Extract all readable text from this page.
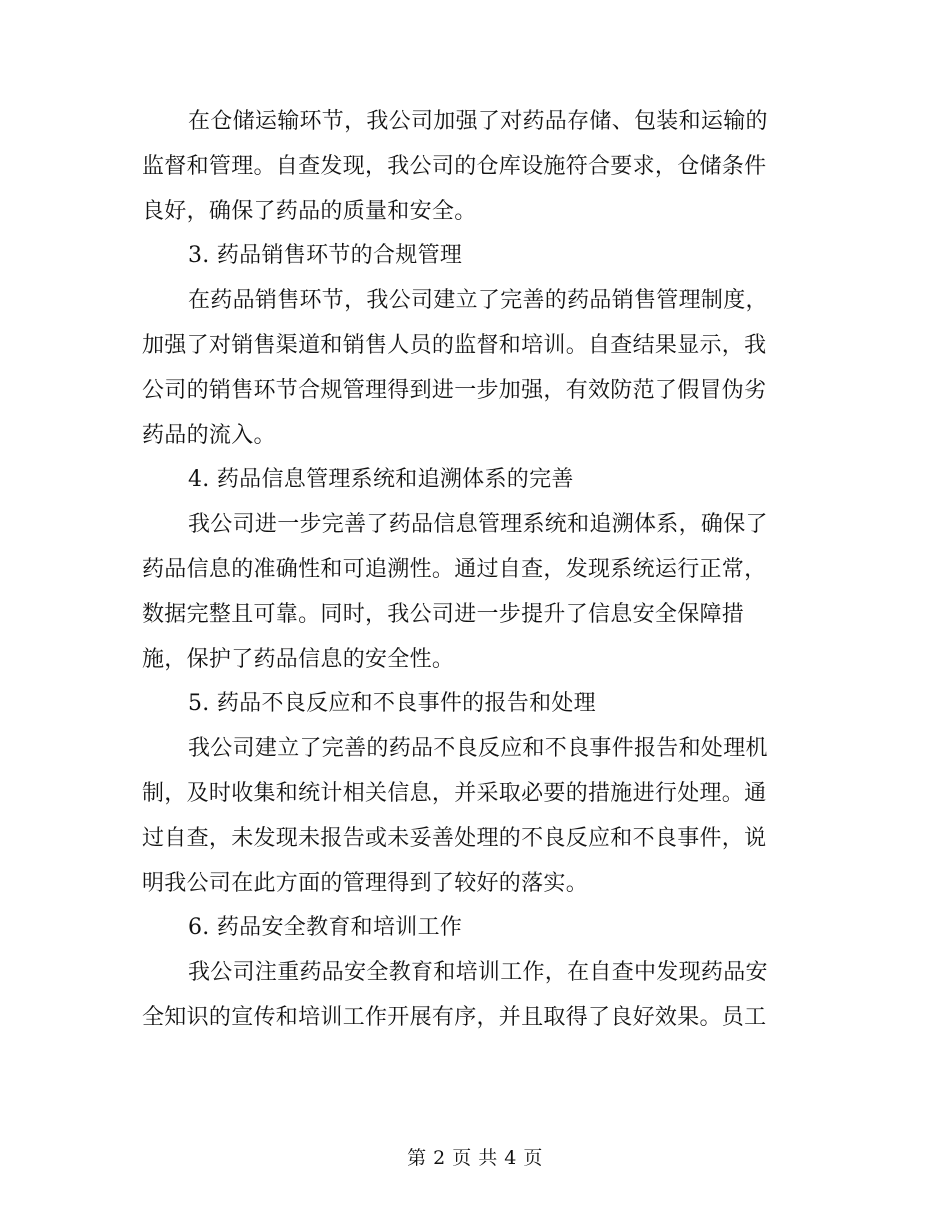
在仓储运输环节，我公司加强了对药品存储、包装和运输的
监督和管理。自查发现，我公司的仓库设施符合要求，仓储条件
良好，确保了药品的质量和安全。
3. 药品销售环节的合规管理
在药品销售环节，我公司建立了完善的药品销售管理制度，
加强了对销售渠道和销售人员的监督和培训。自查结果显示，我
公司的销售环节合规管理得到进一步加强，有效防范了假冒伪劣
药品的流入。
4. 药品信息管理系统和追溯体系的完善
我公司进一步完善了药品信息管理系统和追溯体系，确保了
药品信息的准确性和可追溯性。通过自查，发现系统运行正常，
数据完整且可靠。同时，我公司进一步提升了信息安全保障措
施，保护了药品信息的安全性。
5. 药品不良反应和不良事件的报告和处理
我公司建立了完善的药品不良反应和不良事件报告和处理机
制，及时收集和统计相关信息，并采取必要的措施进行处理。通
过自查，未发现未报告或未妥善处理的不良反应和不良事件，说
明我公司在此方面的管理得到了较好的落实。
6. 药品安全教育和培训工作
我公司注重药品安全教育和培训工作，在自查中发现药品安
全知识的宣传和培训工作开展有序，并且取得了良好效果。员工
第 2 页 共 4 页
